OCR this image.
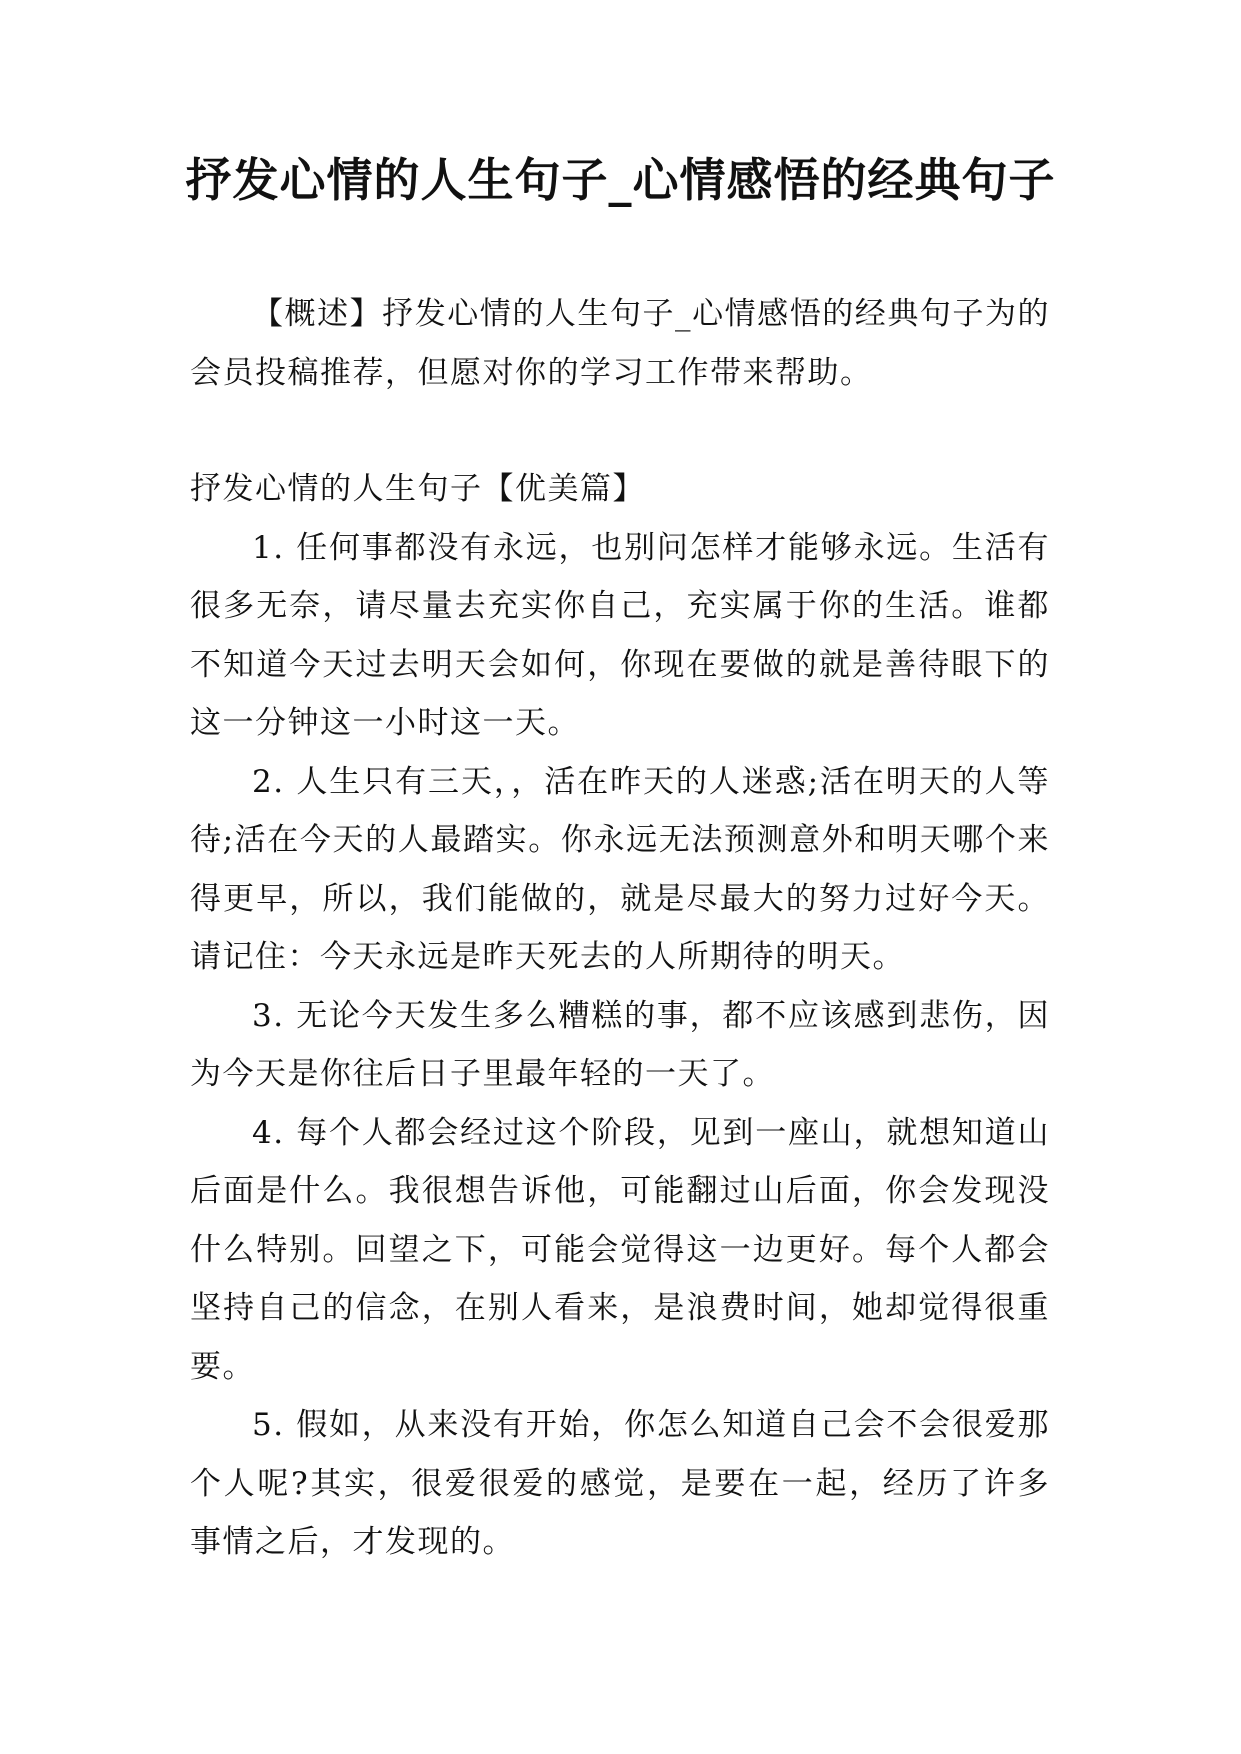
抒发心情的人生句子_心情感悟的经典句子

【概述】抒发心情的人生句子_心情感悟的经典句子为的会员投稿推荐，但愿对你的学习工作带来帮助。

抒发心情的人生句子【优美篇】

1. 任何事都没有永远，也别问怎样才能够永远。生活有很多无奈，请尽量去充实你自己，充实属于你的生活。谁都不知道今天过去明天会如何，你现在要做的就是善待眼下的这一分钟这一小时这一天。

2. 人生只有三天，，活在昨天的人迷惑;活在明天的人等待;活在今天的人最踏实。你永远无法预测意外和明天哪个来得更早，所以，我们能做的，就是尽最大的努力过好今天。请记住：今天永远是昨天死去的人所期待的明天。

3. 无论今天发生多么糟糕的事，都不应该感到悲伤，因为今天是你往后日子里最年轻的一天了。

4. 每个人都会经过这个阶段，见到一座山，就想知道山后面是什么。我很想告诉他，可能翻过山后面，你会发现没什么特别。回望之下，可能会觉得这一边更好。每个人都会坚持自己的信念，在别人看来，是浪费时间，她却觉得很重要。

5. 假如，从来没有开始，你怎么知道自己会不会很爱那个人呢?其实，很爱很爱的感觉，是要在一起，经历了许多事情之后，才发现的。
